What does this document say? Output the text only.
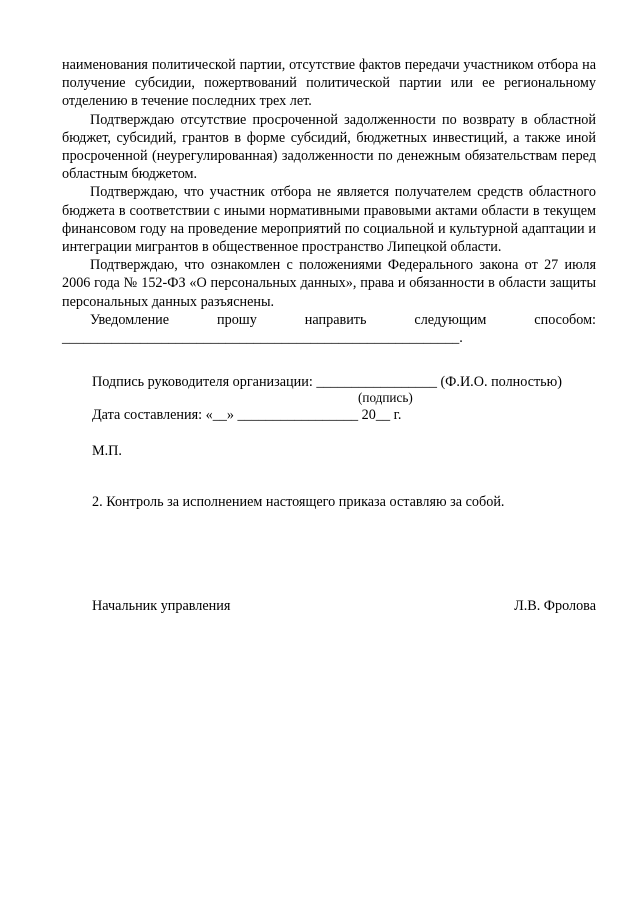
наименования политической партии, отсутствие фактов передачи участником отбора на получение субсидии, пожертвований политической партии или ее региональному отделению в течение последних трех лет.

Подтверждаю отсутствие просроченной задолженности по возврату в областной бюджет, субсидий, грантов в форме субсидий, бюджетных инвестиций, а также иной просроченной (неурегулированная) задолженности по денежным обязательствам перед областным бюджетом.

Подтверждаю, что участник отбора не является получателем средств областного бюджета в соответствии с иными нормативными правовыми актами области в текущем финансовом году на проведение мероприятий по социальной и культурной адаптации и интеграции мигрантов в общественное пространство Липецкой области.

Подтверждаю, что ознакомлен с положениями Федерального закона от 27 июля 2006 года № 152-ФЗ «О персональных данных», права и обязанности в области защиты персональных данных разъяснены.

Уведомление прошу направить следующим способом:

________________________________________________________.

Подпись руководителя организации: _________________ (Ф.И.О. полностью)
(подпись)
Дата составления: «__» _________________ 20__ г.
М.П.
2. Контроль за исполнением настоящего приказа оставляю за собой.
Начальник управления	Л.В. Фролова
